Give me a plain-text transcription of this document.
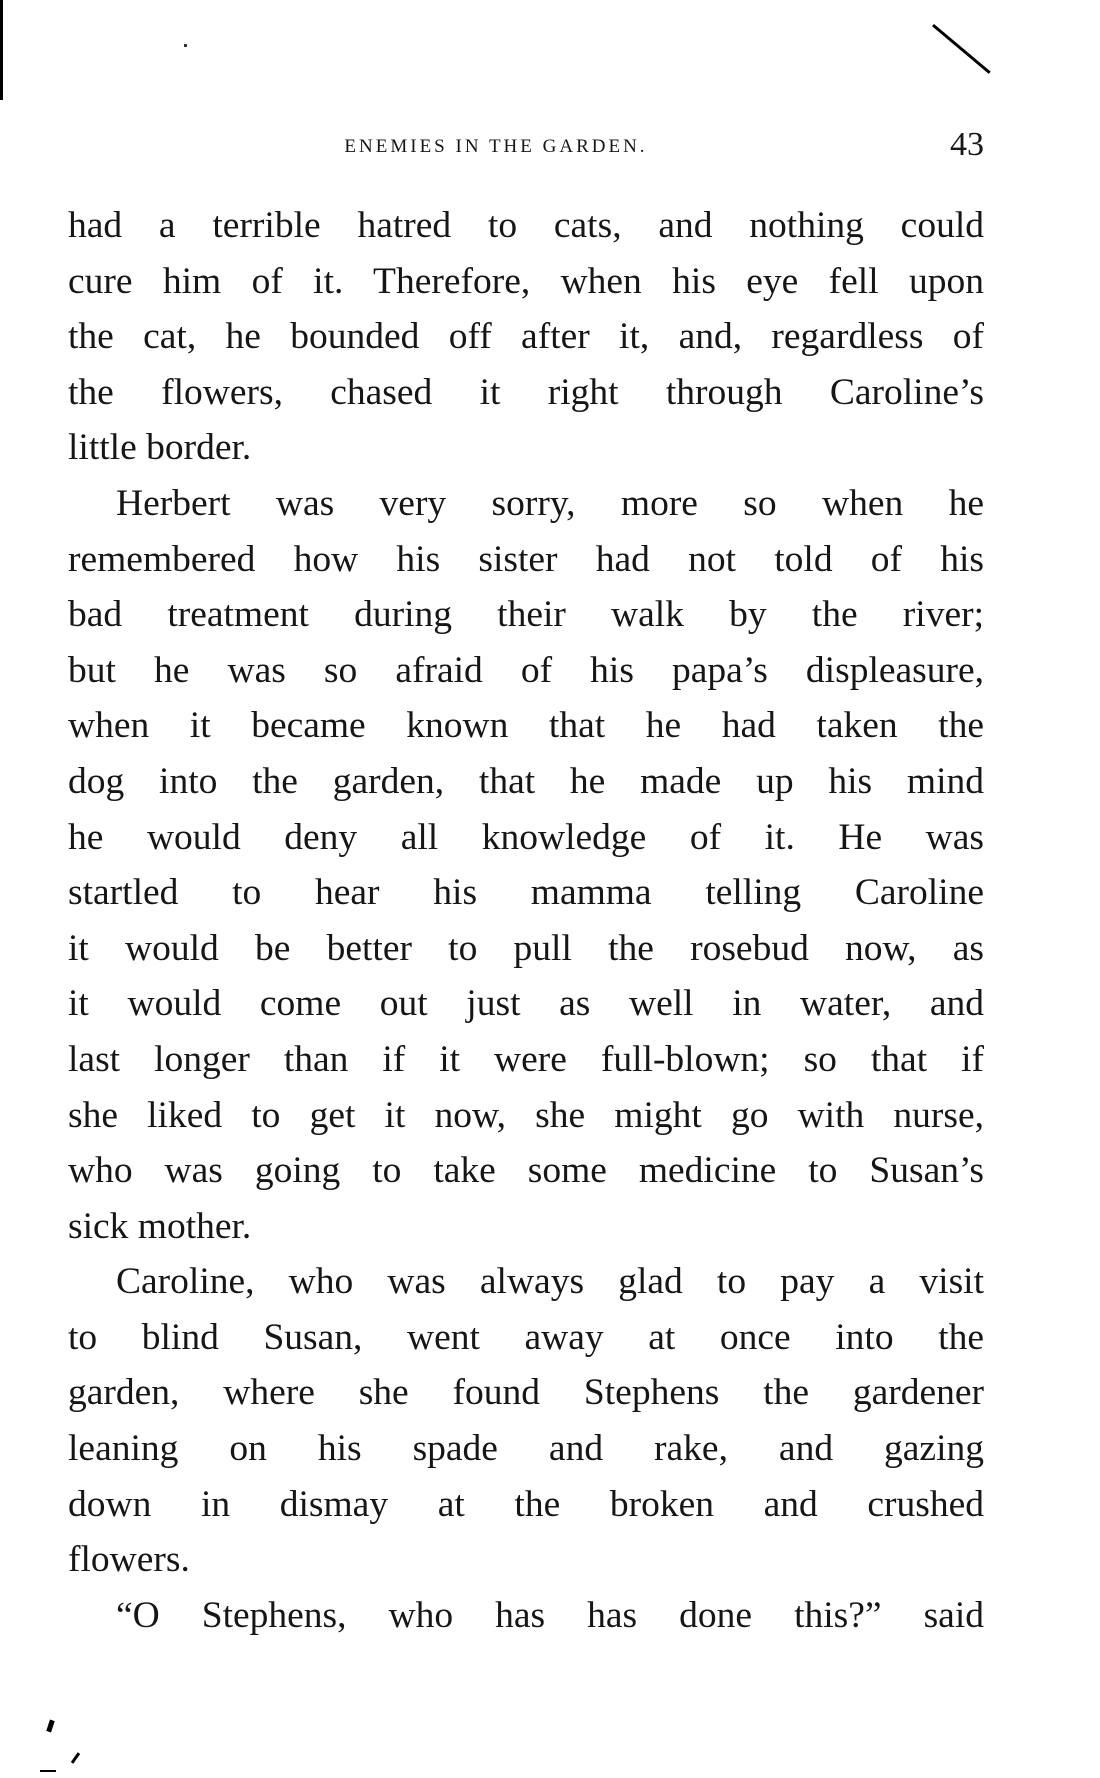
ENEMIES IN THE GARDEN.	43

had a terrible hatred to cats, and nothing could
cure him of it. Therefore, when his eye fell upon
the cat, he bounded off after it, and, regardless of
the flowers, chased it right through Caroline’s
little border.

Herbert was very sorry, more so when he
remembered how his sister had not told of his
bad treatment during their walk by the river;
but he was so afraid of his papa’s displeasure,
when it became known that he had taken the
dog into the garden, that he made up his mind
he would deny all knowledge of it. He was
startled to hear his mamma telling Caroline
it would be better to pull the rosebud now, as
it would come out just as well in water, and
last longer than if it were full-blown; so that if
she liked to get it now, she might go with nurse,
who was going to take some medicine to Susan’s
sick mother.

Caroline, who was always glad to pay a visit
to blind Susan, went away at once into the
garden, where she found Stephens the gardener
leaning on his spade and rake, and gazing
down in dismay at the broken and crushed
flowers.

“O Stephens, who has has done this?” said
